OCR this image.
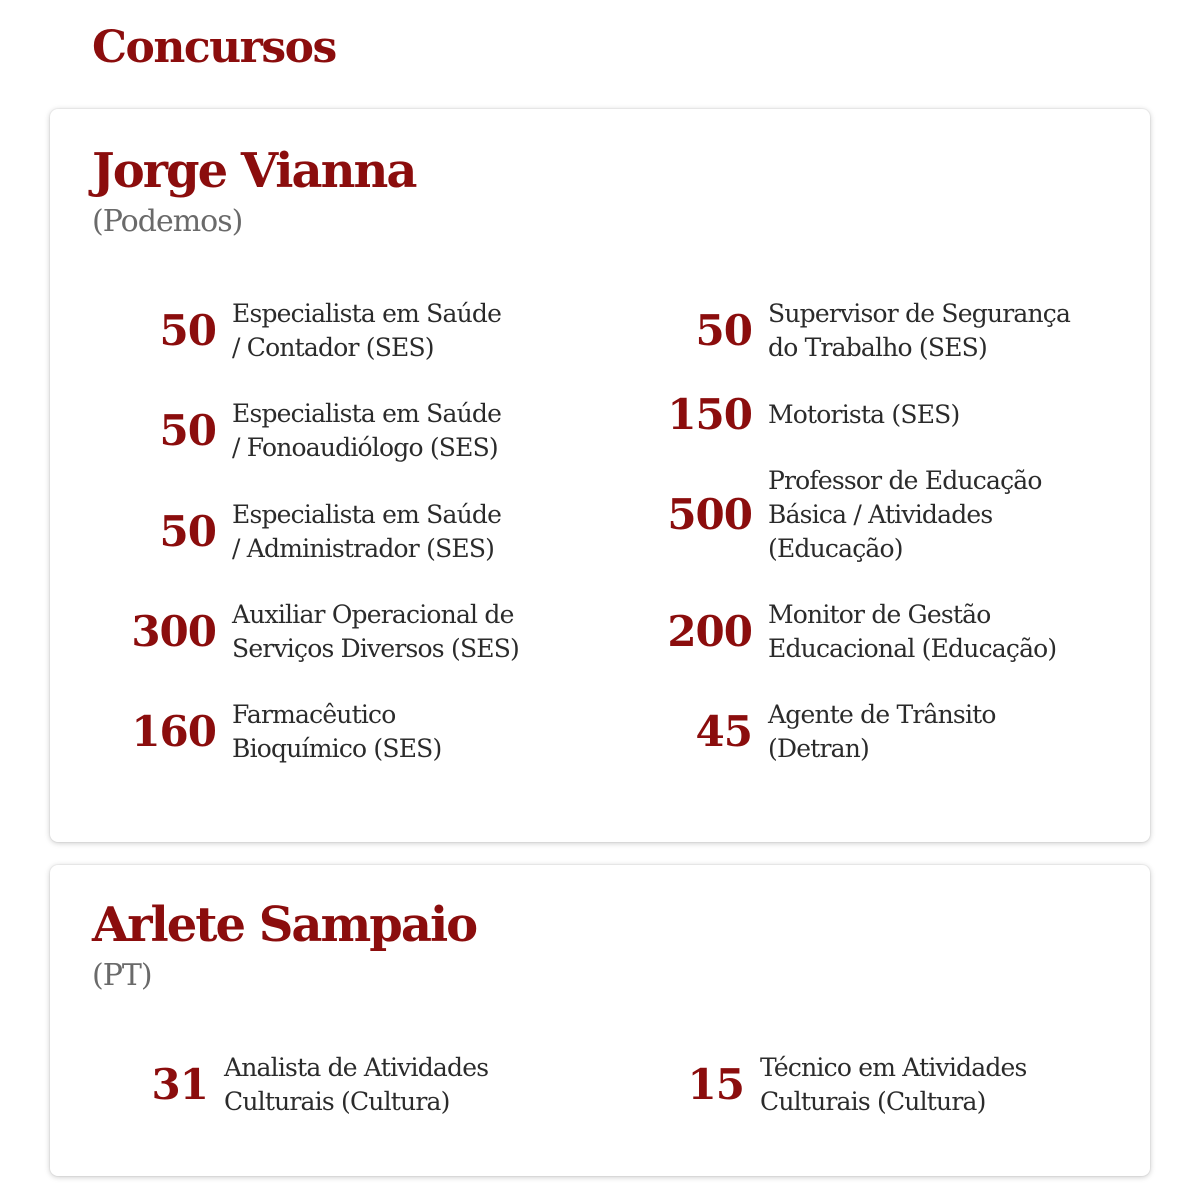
Concursos
Jorge Vianna
(Podemos)
50 Especialista em Saúde
/ Contador (SES)
50 Especialista em Saúde
/ Fonoaudiólogo (SES)
50 Especialista em Saúde
/ Administrador (SES)
300 Auxiliar Operacional de
Serviços Diversos (SES)
160 Farmacêutico
Bioquímico (SES)
50 Supervisor de Segurança
do Trabalho (SES)
150 Motorista (SES)
500
Professor de Educação
Básica / Atividades
(Educação)
200 Monitor de Gestão
Educacional (Educação)
45 Agente de Trânsito
(Detran)
Arlete Sampaio
(PT)
31 Analista de Atividades
Culturais (Cultura)	15 Técnico em Atividades
Culturais (Cultura)
